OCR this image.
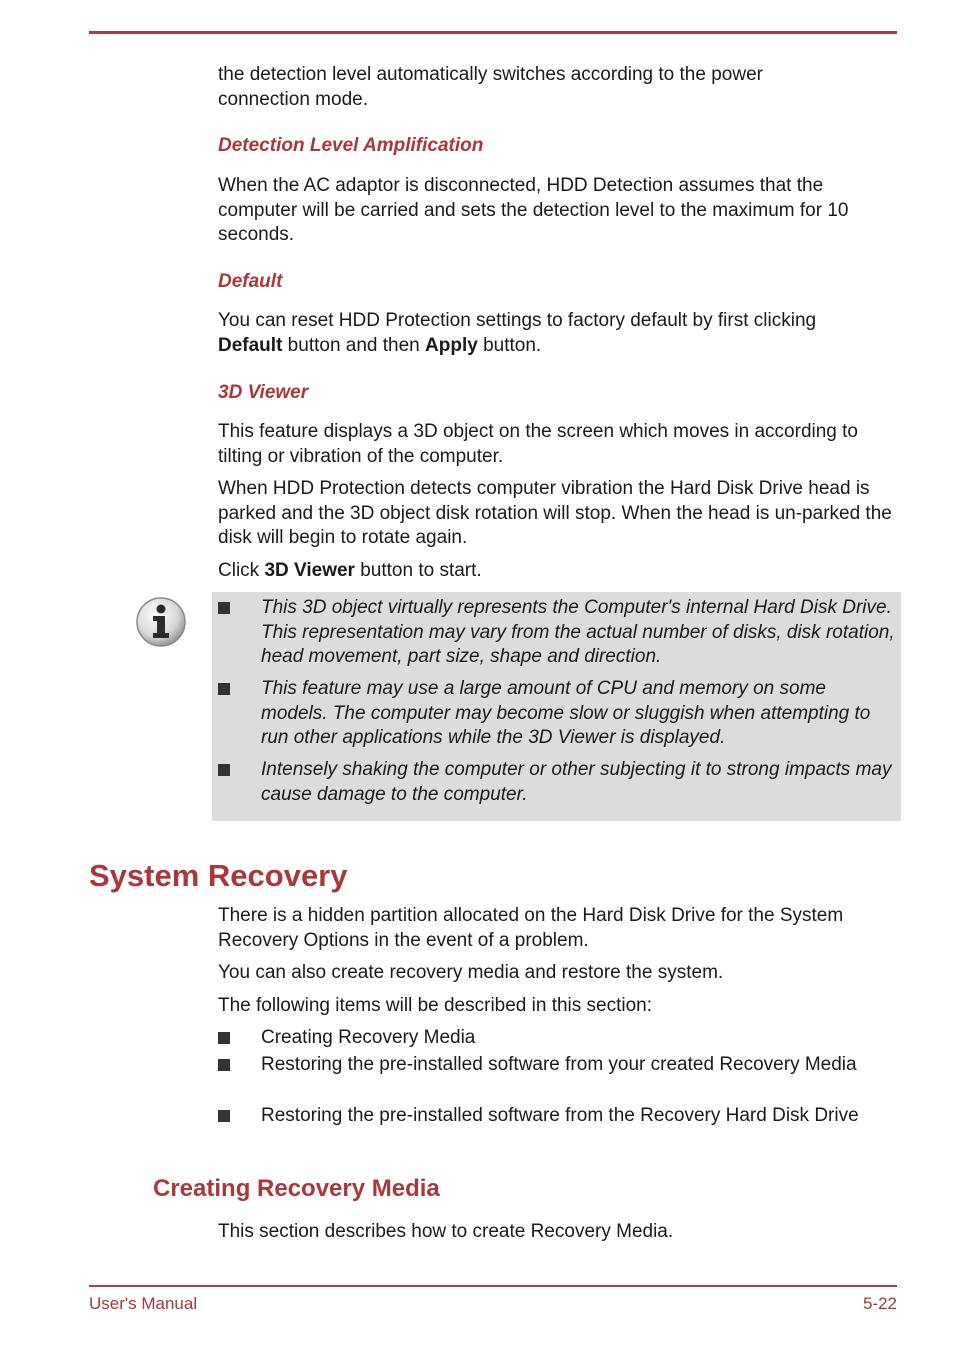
the detection level automatically switches according to the power
connection mode.

Detection Level Amplification

When the AC adaptor is disconnected, HDD Detection assumes that the computer will be carried and sets the detection level to the maximum for 10 seconds.

Default

You can reset HDD Protection settings to factory default by first clicking
Default button and then Apply button.

3D Viewer

This feature displays a 3D object on the screen which moves in according to tilting or vibration of the computer.

When HDD Protection detects computer vibration the Hard Disk Drive head is parked and the 3D object disk rotation will stop. When the head is un-parked the disk will begin to rotate again.

Click 3D Viewer button to start.

This 3D object virtually represents the Computer's internal Hard Disk Drive. This representation may vary from the actual number of disks, disk rotation, head movement, part size, shape and direction.

This feature may use a large amount of CPU and memory on some models. The computer may become slow or sluggish when attempting to run other applications while the 3D Viewer is displayed.

Intensely shaking the computer or other subjecting it to strong impacts may cause damage to the computer.

System Recovery

There is a hidden partition allocated on the Hard Disk Drive for the System Recovery Options in the event of a problem.

You can also create recovery media and restore the system.

The following items will be described in this section:

Creating Recovery Media

Restoring the pre-installed software from your created Recovery Media

Restoring the pre-installed software from the Recovery Hard Disk Drive

Creating Recovery Media

This section describes how to create Recovery Media.

User's Manual	5-22
